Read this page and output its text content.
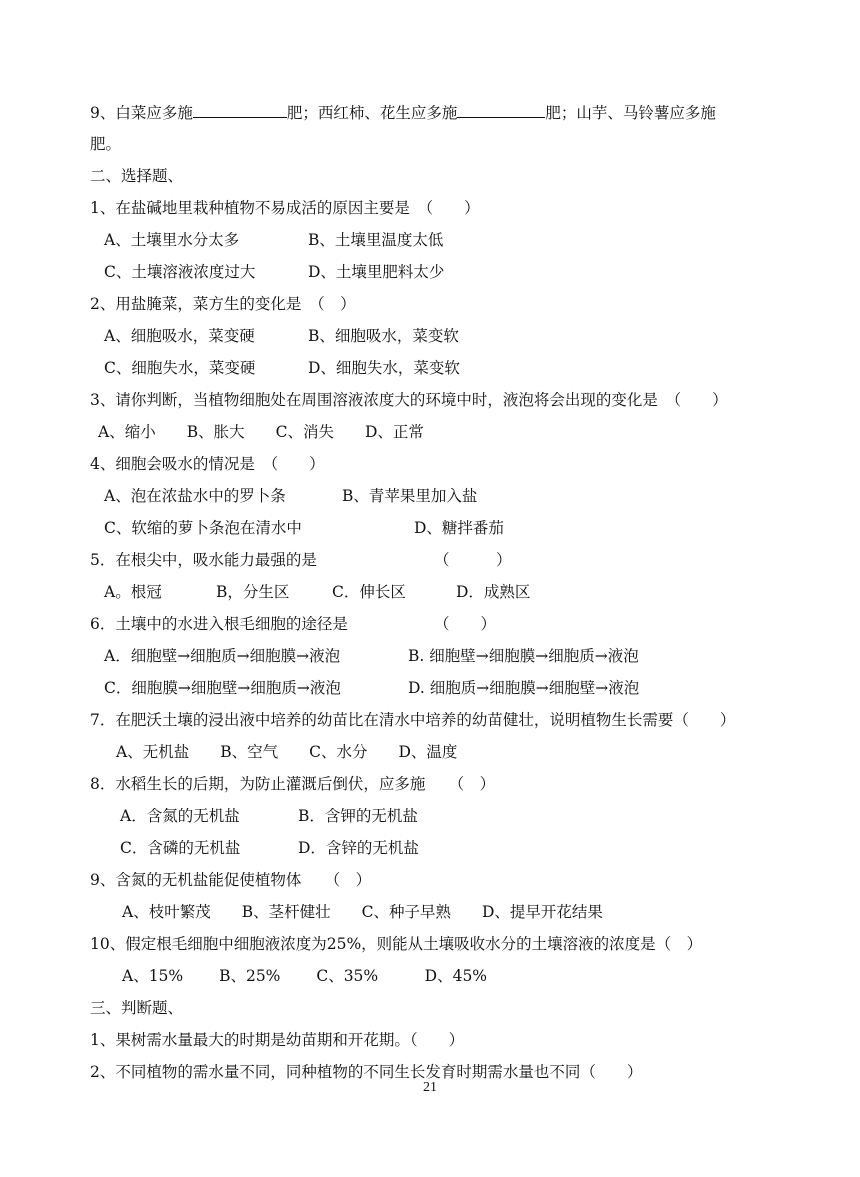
9、白菜应多施	肥；西红柿、花生应多施	肥；山芋、马铃薯应多施
肥。
二、选择题、
1、在盐碱地里栽种植物不易成活的原因主要是　（　　）
A、土壤里水分太多	B、土壤里温度太低
C、土壤溶液浓度过大	D、土壤里肥料太少
2、用盐腌菜，菜方生的变化是　（　）
A、细胞吸水，菜变硬	B、细胞吸水，菜变软
C、细胞失水，菜变硬	D、细胞失水，菜变软
3、请你判断，当植物细胞处在周围溶液浓度大的环境中时，液泡将会出现的变化是　（　　）
A、缩小　　B、胀大　　C、消失　　D、正常
4、细胞会吸水的情况是　（　　）
A、泡在浓盐水中的罗卜条	B、青苹果里加入盐
C、软缩的萝卜条泡在清水中	D、糖拌番茄
5．在根尖中，吸水能力最强的是	（　　　）
A。根冠	B，分生区	C．伸长区	D．成熟区
6．土壤中的水进入根毛细胞的途径是	（　　）
A．细胞壁→细胞质→细胞膜→液泡	B. 细胞壁→细胞膜→细胞质→液泡
C．细胞膜→细胞壁→细胞质→液泡	D. 细胞质→细胞膜→细胞壁→液泡
7．在肥沃土壤的浸出液中培养的幼苗比在清水中培养的幼苗健壮，说明植物生长需要（　　）
A、无机盐　　B、空气　　C、水分　　D、温度
8．水稻生长的后期，为防止灌溉后倒伏，应多施　　（　）
A．含氮的无机盐	B．含钾的无机盐
C．含磷的无机盐	D．含锌的无机盐
9、含氮的无机盐能促使植物体　　（　）
A、枝叶繁茂　　B、茎杆健壮　　C、种子早熟　　D、提早开花结果
10、假定根毛细胞中细胞液浓度为25%，则能从土壤吸收水分的土壤溶液的浓度是（　）
A、15%　　 B、25%　　 C、35%　　　D、45%
三、判断题、
1、果树需水量最大的时期是幼苗期和开花期。（　　）
2、不同植物的需水量不同，同种植物的不同生长发育时期需水量也不同（　　）
21
